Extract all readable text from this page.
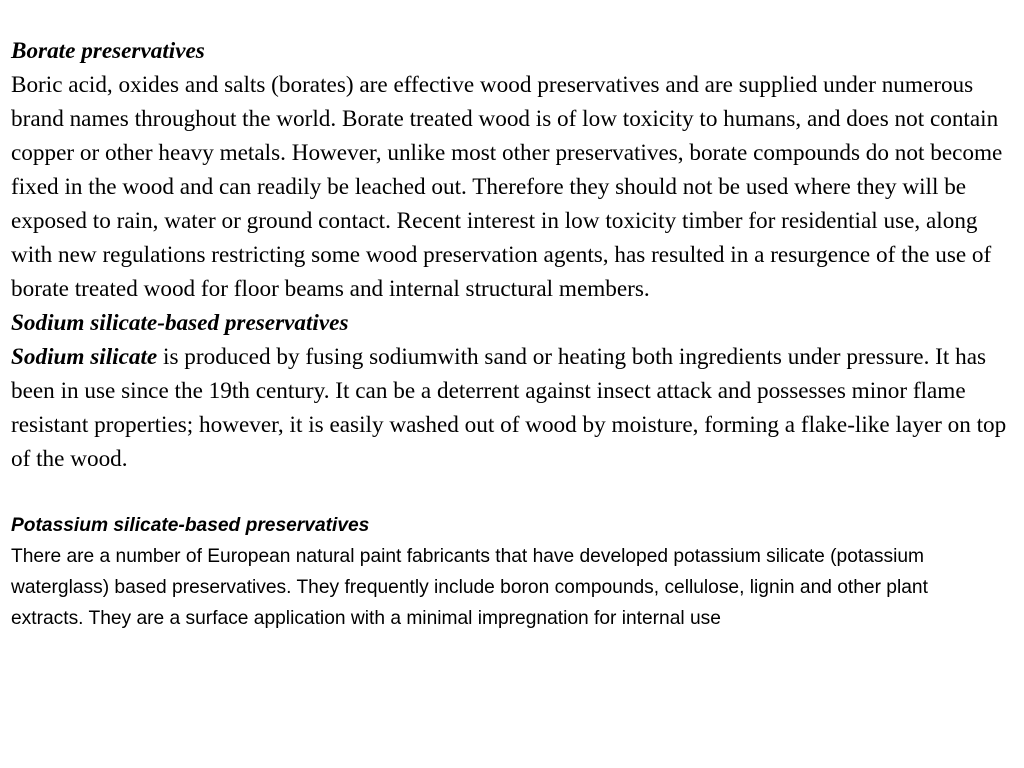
Borate preservatives

Boric acid, oxides and salts (borates) are effective wood preservatives and are supplied under numerous brand names throughout the world. Borate treated wood is of low toxicity to humans, and does not contain copper or other heavy metals. However, unlike most other preservatives, borate compounds do not become fixed in the wood and can readily be leached out. Therefore they should not be used where they will be exposed to rain, water or ground contact. Recent interest in low toxicity timber for residential use, along with new regulations restricting some wood preservation agents, has resulted in a resurgence of the use of borate treated wood for floor beams and internal structural members.

Sodium silicate-based preservatives

Sodium silicate is produced by fusing sodiumwith sand or heating both ingredients under pressure. It has been in use since the 19th century. It can be a deterrent against insect attack and possesses minor flame resistant properties; however, it is easily washed out of wood by moisture, forming a flake-like layer on top of the wood.

Potassium silicate-based preservatives

There are a number of European natural paint fabricants that have developed potassium silicate (potassium waterglass) based preservatives. They frequently include boron compounds, cellulose, lignin and other plant extracts. They are a surface application with a minimal impregnation for internal use
